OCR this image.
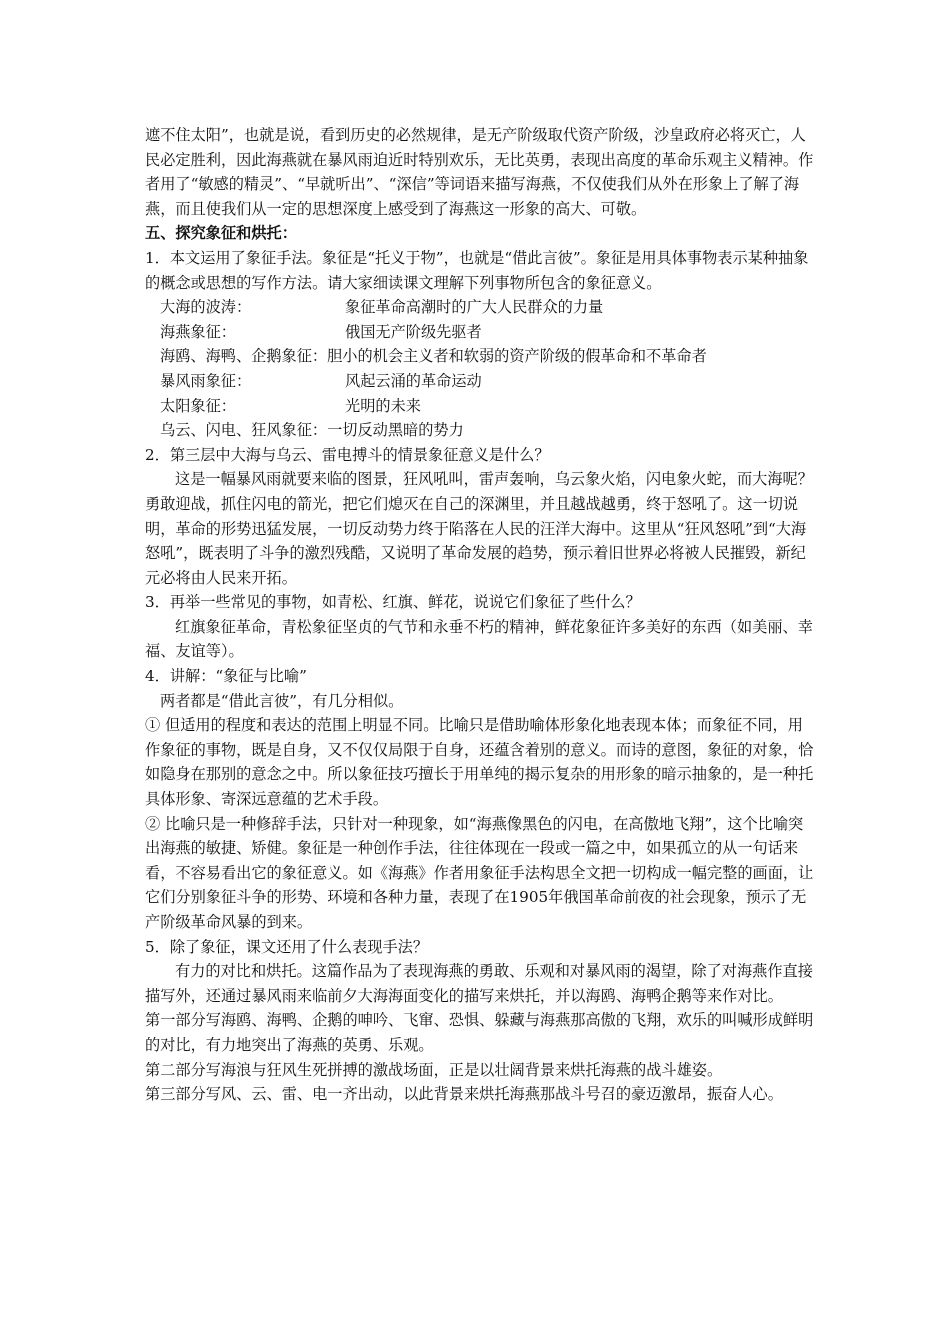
遮不住太阳”，也就是说，看到历史的必然规律，是无产阶级取代资产阶级，沙皇政府必将灭亡，人民必定胜利，因此海燕就在暴风雨迫近时特别欢乐，无比英勇，表现出高度的革命乐观主义精神。作者用了“敏感的精灵”、“早就听出”、“深信”等词语来描写海燕，不仅使我们从外在形象上了解了海燕，而且使我们从一定的思想深度上感受到了海燕这一形象的高大、可敬。

五、探究象征和烘托：

1．本文运用了象征手法。象征是“托义于物”，也就是“借此言彼”。象征是用具体事物表示某种抽象的概念或思想的写作方法。请大家细读课文理解下列事物所包含的象征意义。

大海的波涛：	象征革命高潮时的广大人民群众的力量
海燕象征：	俄国无产阶级先驱者
海鸥、海鸭、企鹅象征： 胆小的机会主义者和软弱的资产阶级的假革命和不革命者
暴风雨象征：	风起云涌的革命运动
太阳象征：	光明的未来
乌云、闪电、狂风象征： 一切反动黑暗的势力

2．第三层中大海与乌云、雷电搏斗的情景象征意义是什么？

这是一幅暴风雨就要来临的图景，狂风吼叫，雷声轰响，乌云象火焰，闪电象火蛇，而大海呢？勇敢迎战，抓住闪电的箭光，把它们熄灭在自己的深渊里，并且越战越勇，终于怒吼了。这一切说明，革命的形势迅猛发展，一切反动势力终于陷落在人民的汪洋大海中。这里从“狂风怒吼”到“大海怒吼”，既表明了斗争的激烈残酷，又说明了革命发展的趋势，预示着旧世界必将被人民摧毁，新纪元必将由人民来开拓。

3．再举一些常见的事物，如青松、红旗、鲜花，说说它们象征了些什么？

红旗象征革命，青松象征坚贞的气节和永垂不朽的精神，鲜花象征许多美好的东西（如美丽、幸福、友谊等）。

4．讲解：“象征与比喻”

两者都是“借此言彼”，有几分相似。

① 但适用的程度和表达的范围上明显不同。比喻只是借助喻体形象化地表现本体；而象征不同，用作象征的事物，既是自身，又不仅仅局限于自身，还蕴含着别的意义。而诗的意图，象征的对象，恰如隐身在那别的意念之中。所以象征技巧擅长于用单纯的揭示复杂的用形象的暗示抽象的，是一种托具体形象、寄深远意蕴的艺术手段。

② 比喻只是一种修辞手法，只针对一种现象，如“海燕像黑色的闪电，在高傲地飞翔”，这个比喻突出海燕的敏捷、矫健。象征是一种创作手法，往往体现在一段或一篇之中，如果孤立的从一句话来看，不容易看出它的象征意义。如《海燕》作者用象征手法构思全文把一切构成一幅完整的画面，让它们分别象征斗争的形势、环境和各种力量，表现了在1905年俄国革命前夜的社会现象，预示了无产阶级革命风暴的到来。

5．除了象征，课文还用了什么表现手法？

有力的对比和烘托。这篇作品为了表现海燕的勇敢、乐观和对暴风雨的渴望，除了对海燕作直接描写外，还通过暴风雨来临前夕大海海面变化的描写来烘托，并以海鸥、海鸭企鹅等来作对比。

第一部分写海鸥、海鸭、企鹅的呻吟、飞窜、恐惧、躲藏与海燕那高傲的飞翔，欢乐的叫喊形成鲜明的对比，有力地突出了海燕的英勇、乐观。

第二部分写海浪与狂风生死拼搏的激战场面，正是以壮阔背景来烘托海燕的战斗雄姿。

第三部分写风、云、雷、电一齐出动，以此背景来烘托海燕那战斗号召的豪迈激昂，振奋人心。
